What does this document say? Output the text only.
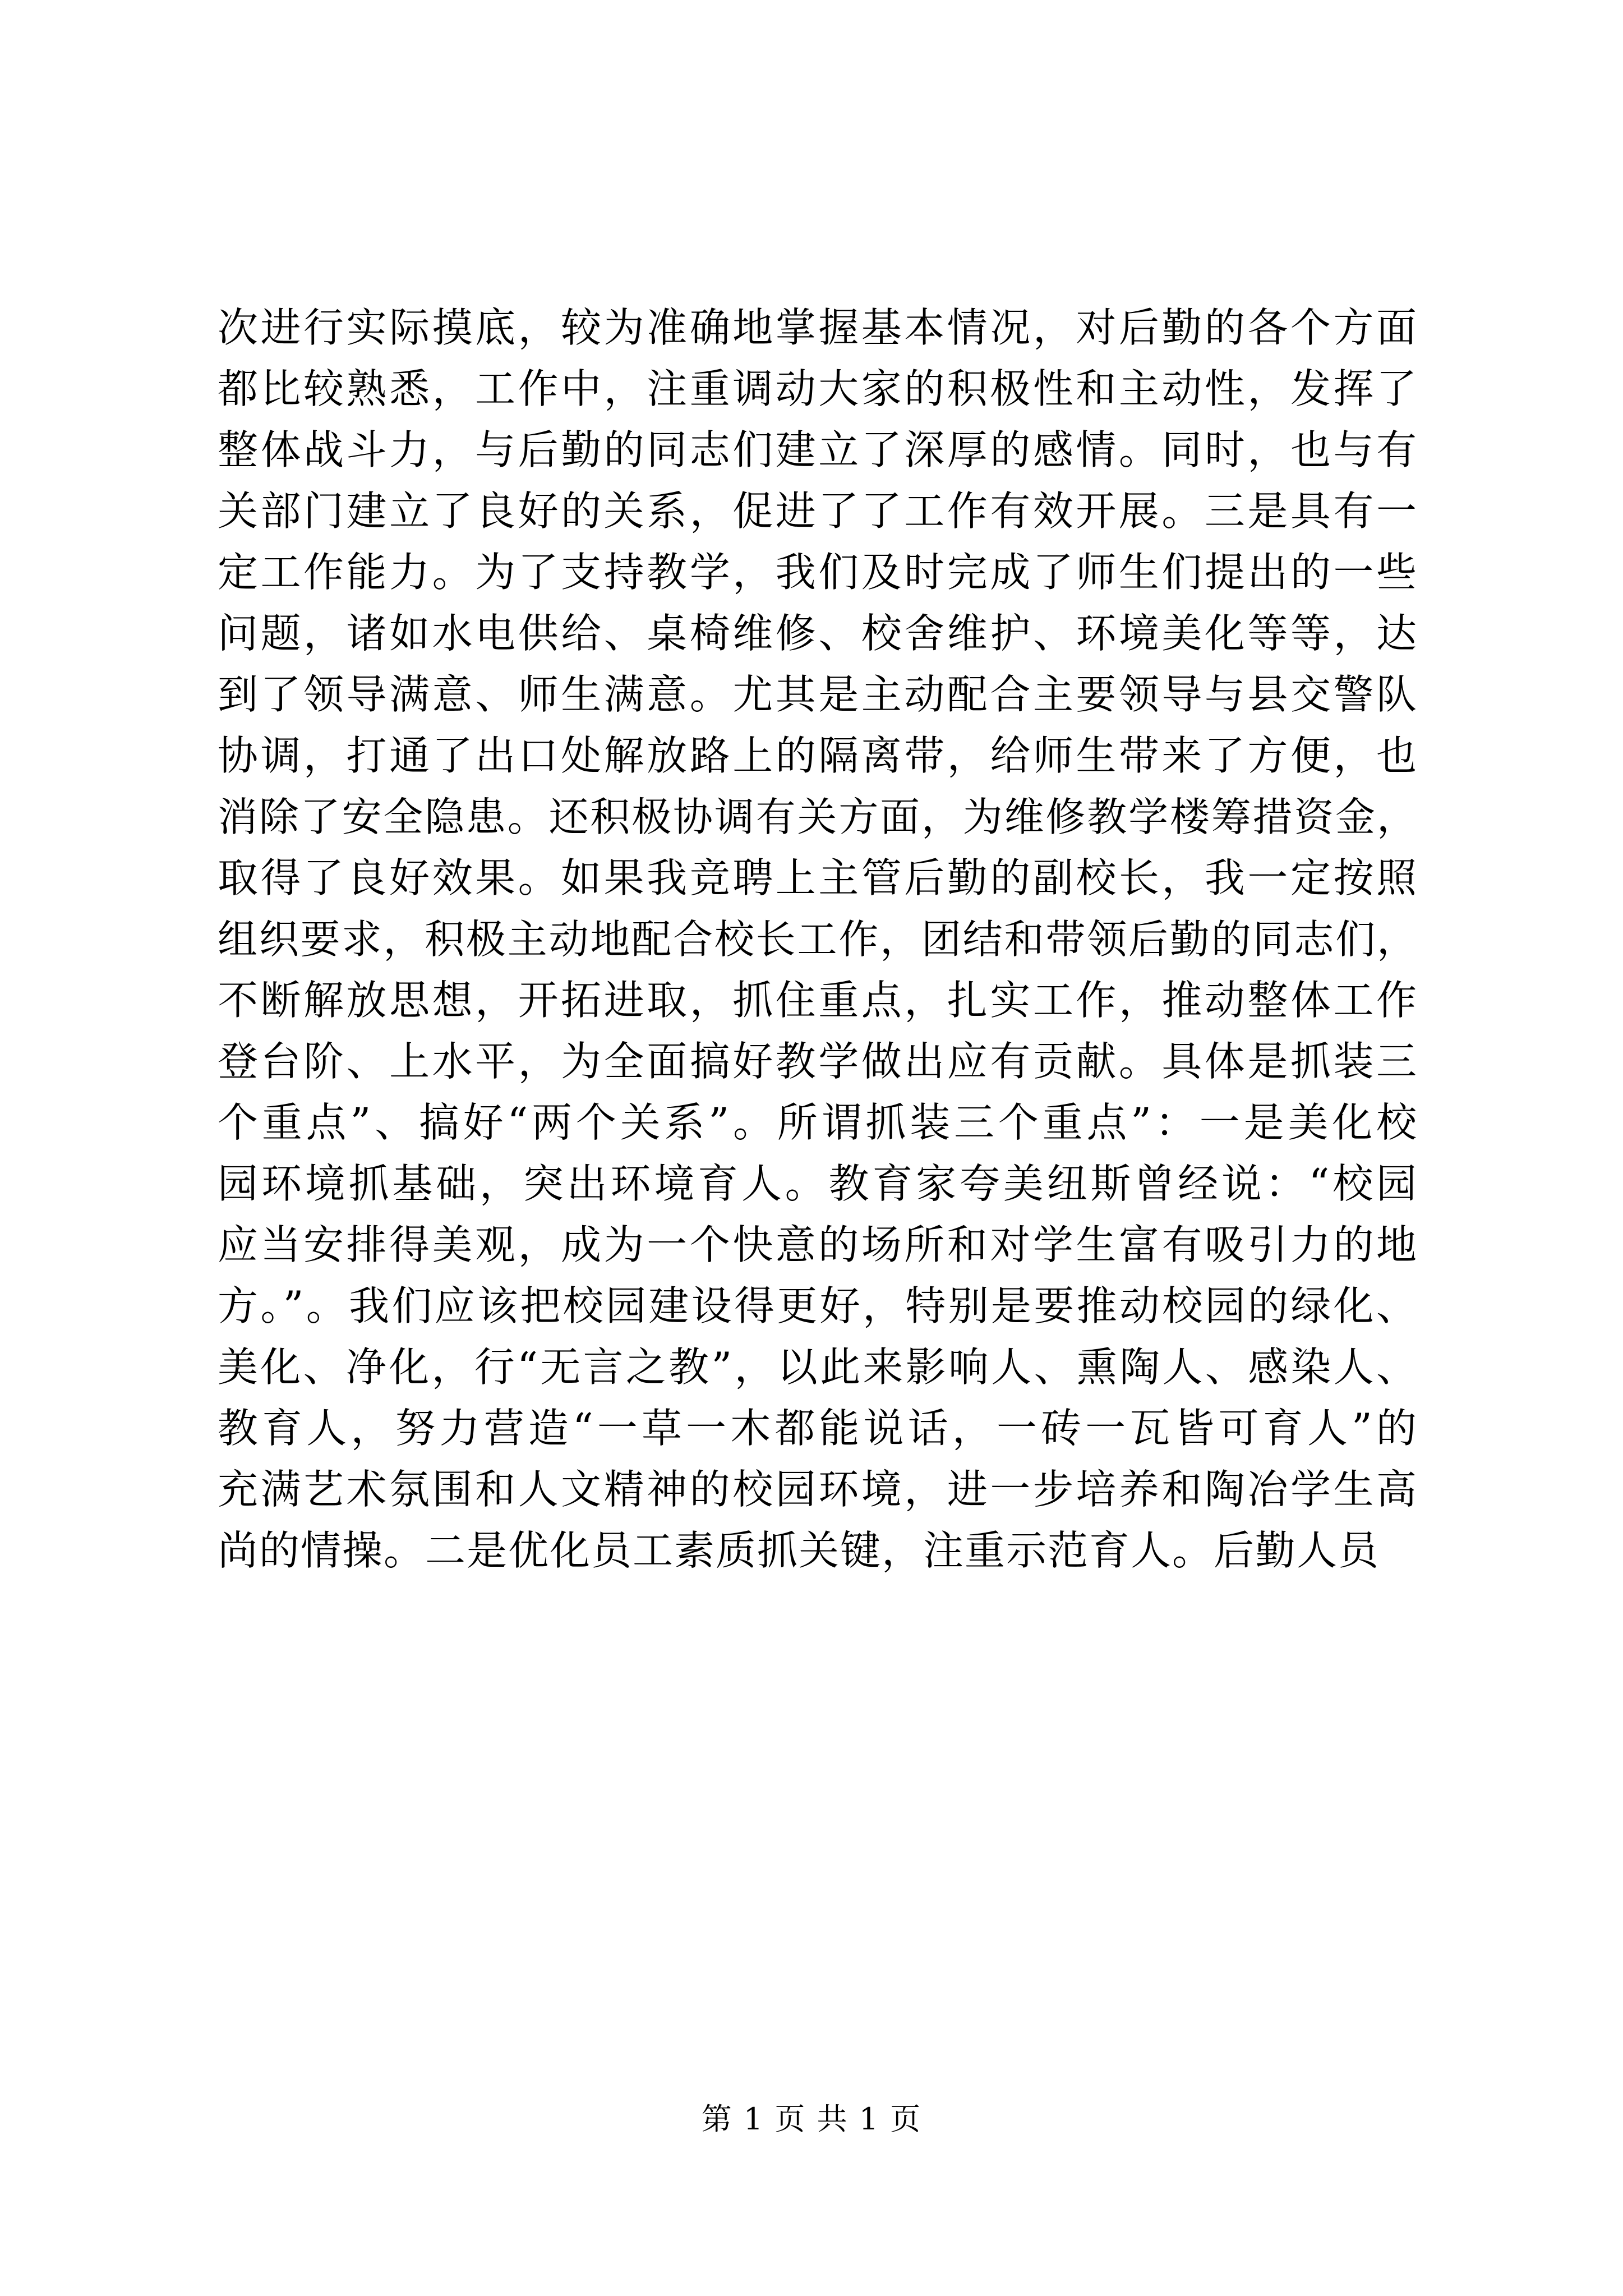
次进行实际摸底，较为准确地掌握基本情况，对后勤的各个方面
都比较熟悉，工作中，注重调动大家的积极性和主动性，发挥了
整体战斗力，与后勤的同志们建立了深厚的感情。同时，也与有
关部门建立了良好的关系，促进了了工作有效开展。三是具有一
定工作能力。为了支持教学，我们及时完成了师生们提出的一些
问题，诸如水电供给、桌椅维修、校舍维护、环境美化等等，达
到了领导满意、师生满意。尤其是主动配合主要领导与县交警队
协调，打通了出口处解放路上的隔离带，给师生带来了方便，也
消除了安全隐患。还积极协调有关方面，为维修教学楼筹措资金，
取得了良好效果。如果我竞聘上主管后勤的副校长，我一定按照
组织要求，积极主动地配合校长工作，团结和带领后勤的同志们，
不断解放思想，开拓进取，抓住重点，扎实工作，推动整体工作
登台阶、上水平，为全面搞好教学做出应有贡献。具体是抓装三
个重点”、搞好“两个关系”。所谓抓装三个重点”：一是美化校
园环境抓基础，突出环境育人。教育家夸美纽斯曾经说：“校园
应当安排得美观，成为一个快意的场所和对学生富有吸引力的地
方。”。我们应该把校园建设得更好，特别是要推动校园的绿化、
美化、净化，行“无言之教”，以此来影响人、熏陶人、感染人、
教育人，努力营造“一草一木都能说话，一砖一瓦皆可育人”的
充满艺术氛围和人文精神的校园环境，进一步培养和陶冶学生高
尚的情操。二是优化员工素质抓关键，注重示范育人。后勤人员
第 1 页 共 1 页
